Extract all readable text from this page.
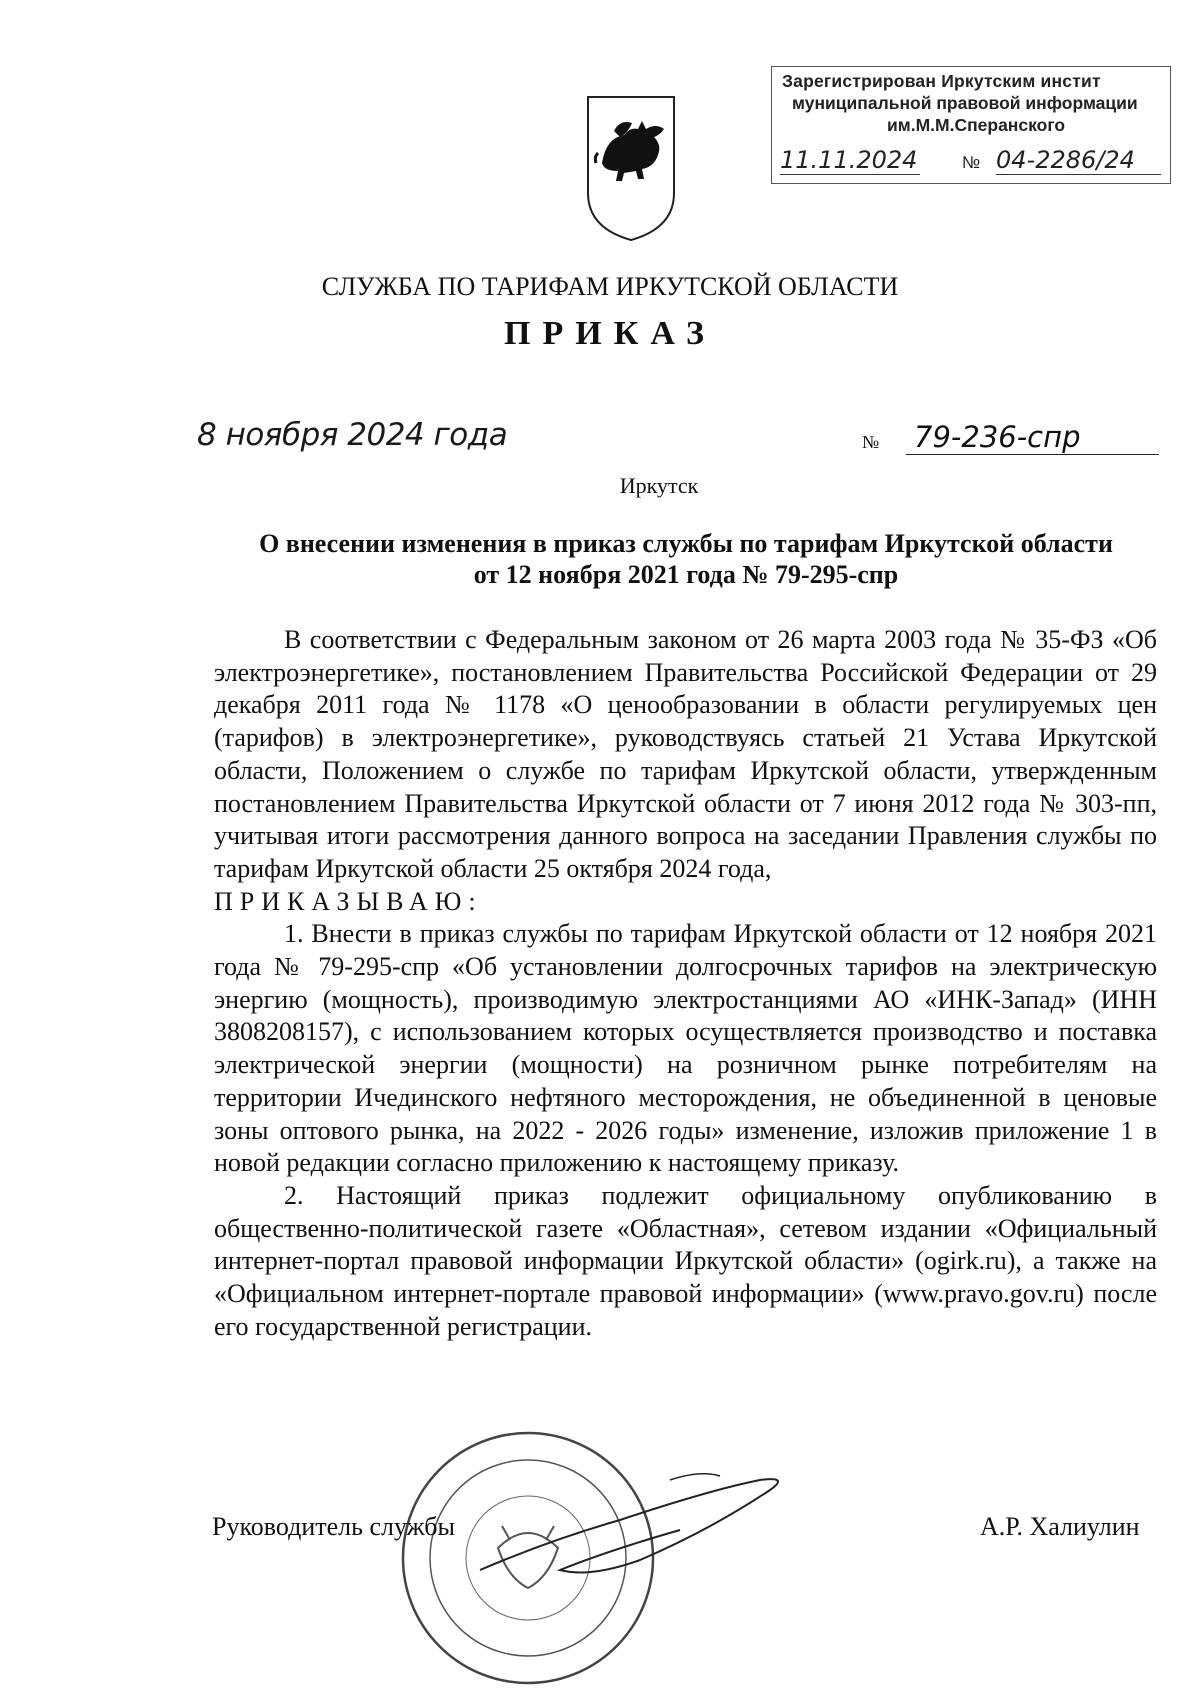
Зарегистрирован Иркутским инстит
муниципальной правовой информации
им.М.М.Сперанского
11.11.2024	№ 04-2286/24
СЛУЖБА ПО ТАРИФАМ ИРКУТСКОЙ ОБЛАСТИ
ПРИКАЗ
8 ноября 2024 года	№ 79-236-спр
Иркутск
О внесении изменения в приказ службы по тарифам Иркутской области
от 12 ноября 2021 года № 79-295-спр

В соответствии с Федеральным законом от 26 марта 2003 года № 35-ФЗ «Об электроэнергетике», постановлением Правительства Российской Федерации от 29 декабря 2011 года № 1178 «О ценообразовании в области регулируемых цен (тарифов) в электроэнергетике», руководствуясь статьей 21 Устава Иркутской области, Положением о службе по тарифам Иркутской области, утвержденным постановлением Правительства Иркутской области от 7 июня 2012 года № 303-пп, учитывая итоги рассмотрения данного вопроса на заседании Правления службы по тарифам Иркутской области 25 октября 2024 года,

ПРИКАЗЫВАЮ:

1. Внести в приказ службы по тарифам Иркутской области от 12 ноября 2021 года № 79-295-спр «Об установлении долгосрочных тарифов на электрическую энергию (мощность), производимую электростанциями АО «ИНК-Запад» (ИНН 3808208157), с использованием которых осуществляется производство и поставка электрической энергии (мощности) на розничном рынке потребителям на территории Ичединского нефтяного месторождения, не объединенной в ценовые зоны оптового рынка, на 2022 - 2026 годы» изменение, изложив приложение 1 в новой редакции согласно приложению к настоящему приказу.

2. Настоящий приказ подлежит официальному опубликованию в общественно-политической газете «Областная», сетевом издании «Официальный интернет-портал правовой информации Иркутской области» (ogirk.ru), а также на «Официальном интернет-портале правовой информации» (www.pravo.gov.ru) после его государственной регистрации.

Руководитель службы	А.Р. Халиулин
